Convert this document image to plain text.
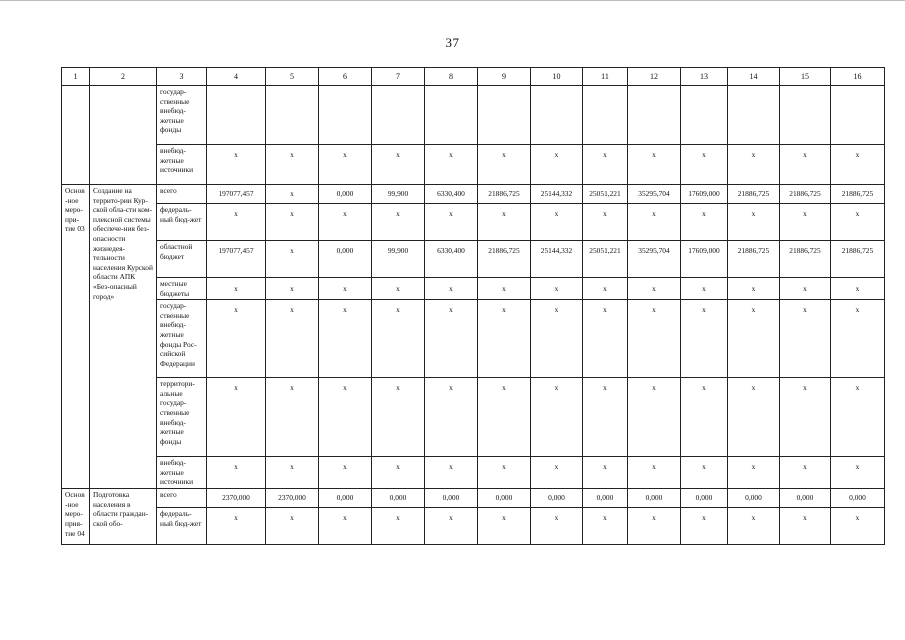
37
1	2	3	4	5	6	7	8	9	10	11	12	13	14	15	16
		государ-ственные внебюд-жетные фонды													
		внебюд-жетные источники	x	x	x	x	x	x	x	x	x	x	x	x	x
Основ-ное меро-при-тие 03	Создание на террито-рии Кур-ской обла-сти ком-плексной системы обеспече-ния без-опасности жизнедея-тельности населения Курской области АПК «Без-опасный город»	всего	197077,457	x	0,000	99,900	6330,400	21886,725	25144,332	25051,221	35295,704	17609,000	21886,725	21886,725	21886,725
		федераль-ный бюд-жет	x	x	x	x	x	x	x	x	x	x	x	x	x
		областной бюджет	197077,457	x	0,000	99,900	6330,400	21886,725	25144,332	25051,221	35295,704	17609,000	21886,725	21886,725	21886,725
		местные бюджеты	x	x	x	x	x	x	x	x	x	x	x	x	x
		государ-ственные внебюд-жетные фонды Рос-сийской Федерации	x	x	x	x	x	x	x	x	x	x	x	x	x
		территори-альные государ-ственные внебюд-жетные фонды	x	x	x	x	x	x	x	x	x	x	x	x	x
		внебюд-жетные источники	x	x	x	x	x	x	x	x	x	x	x	x	x
Основ-ное меро-прия-тие 04	Подготовка населения в области граждан-ской обо-	всего	2370,000	2370,000	0,000	0,000	0,000	0,000	0,000	0,000	0,000	0,000	0,000	0,000	0,000
		федераль-ный бюд-жет	x	x	x	x	x	x	x	x	x	x	x	x	x
